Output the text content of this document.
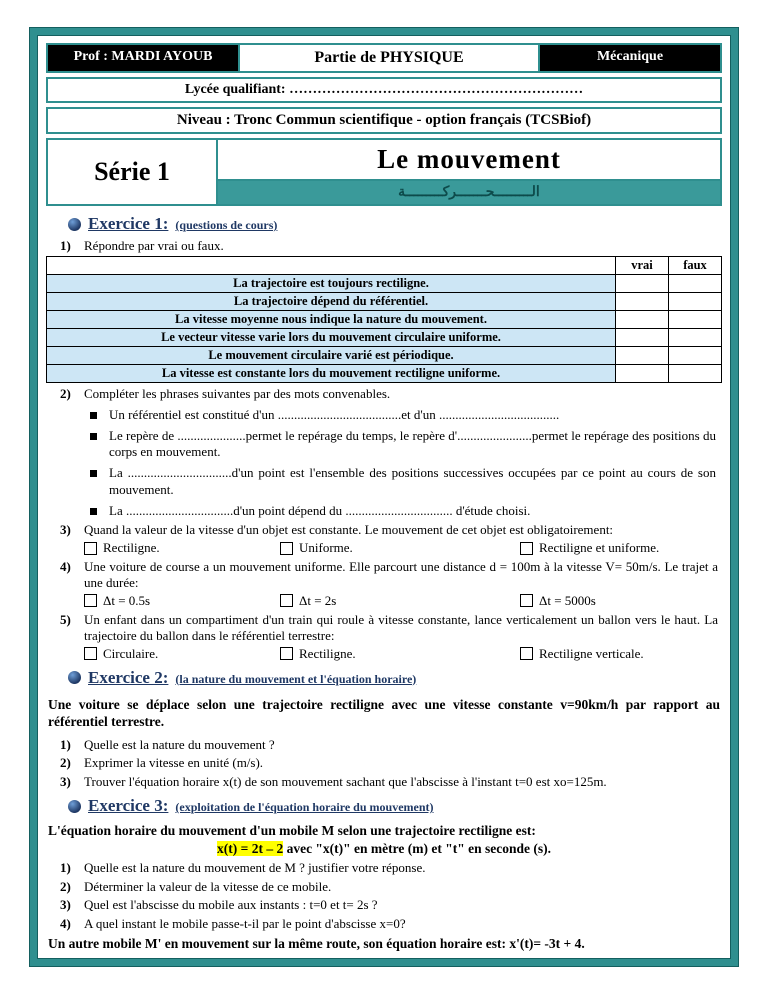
Prof : MARDI AYOUB	Partie de PHYSIQUE	Mécanique
Lycée qualifiant: ………………………………………………………
Niveau : Tronc Commun scientifique - option français (TCSBiof)
Série 1	Le mouvement
الـــــــــحـــــــركـــــــــة
Exercice 1: (questions de cours)
1)	Répondre par vrai ou faux.
vrai	faux
La trajectoire est toujours rectiligne.
La trajectoire dépend du référentiel.
La vitesse moyenne nous indique la nature du mouvement.
Le vecteur vitesse varie lors du mouvement circulaire uniforme.
Le mouvement circulaire varié est périodique.
La vitesse est constante lors du mouvement rectiligne uniforme.
2)	Compléter les phrases suivantes par des mots convenables.
Un référentiel est constitué d'un ......................................et d'un .....................................
Le repère de .....................permet le repérage du temps, le repère d'.......................permet le repérage des positions du corps en mouvement.
La ................................d'un point est l'ensemble des positions successives occupées par ce point au cours de son mouvement.
La .................................d'un point dépend du ................................. d'étude choisi.
3)	Quand la valeur de la vitesse d'un objet est constante. Le mouvement de cet objet est obligatoirement:
Rectiligne.	Uniforme.	Rectiligne et uniforme.
4)	Une voiture de course a un mouvement uniforme. Elle parcourt une distance d = 100m à la vitesse V= 50m/s. Le trajet a une durée:
Δt = 0.5s	Δt = 2s	Δt = 5000s
5)	Un enfant dans un compartiment d'un train qui roule à vitesse constante, lance verticalement un ballon vers le haut. La trajectoire du ballon dans le référentiel terrestre:
Circulaire.	Rectiligne.	Rectiligne verticale.
Exercice 2: (la nature du mouvement et l'équation horaire)
Une voiture se déplace selon une trajectoire rectiligne avec une vitesse constante v=90km/h par rapport au référentiel terrestre.
1)	Quelle est la nature du mouvement ?
2)	Exprimer la vitesse en unité (m/s).
3)	Trouver l'équation horaire x(t) de son mouvement sachant que l'abscisse à l'instant t=0 est xo=125m.
Exercice 3: (exploitation de l'équation horaire du mouvement)
L'équation horaire du mouvement d'un mobile M selon une trajectoire rectiligne est:
x(t) = 2t – 2 avec "x(t)" en mètre (m) et "t" en seconde (s).
1)	Quelle est la nature du mouvement de M ? justifier votre réponse.
2)	Déterminer la valeur de la vitesse de ce mobile.
3)	Quel est l'abscisse du mobile aux instants : t=0 et t= 2s ?
4)	A quel instant le mobile passe-t-il par le point d'abscisse x=0?
Un autre mobile M' en mouvement sur la même route, son équation horaire est: x'(t)= -3t + 4.
